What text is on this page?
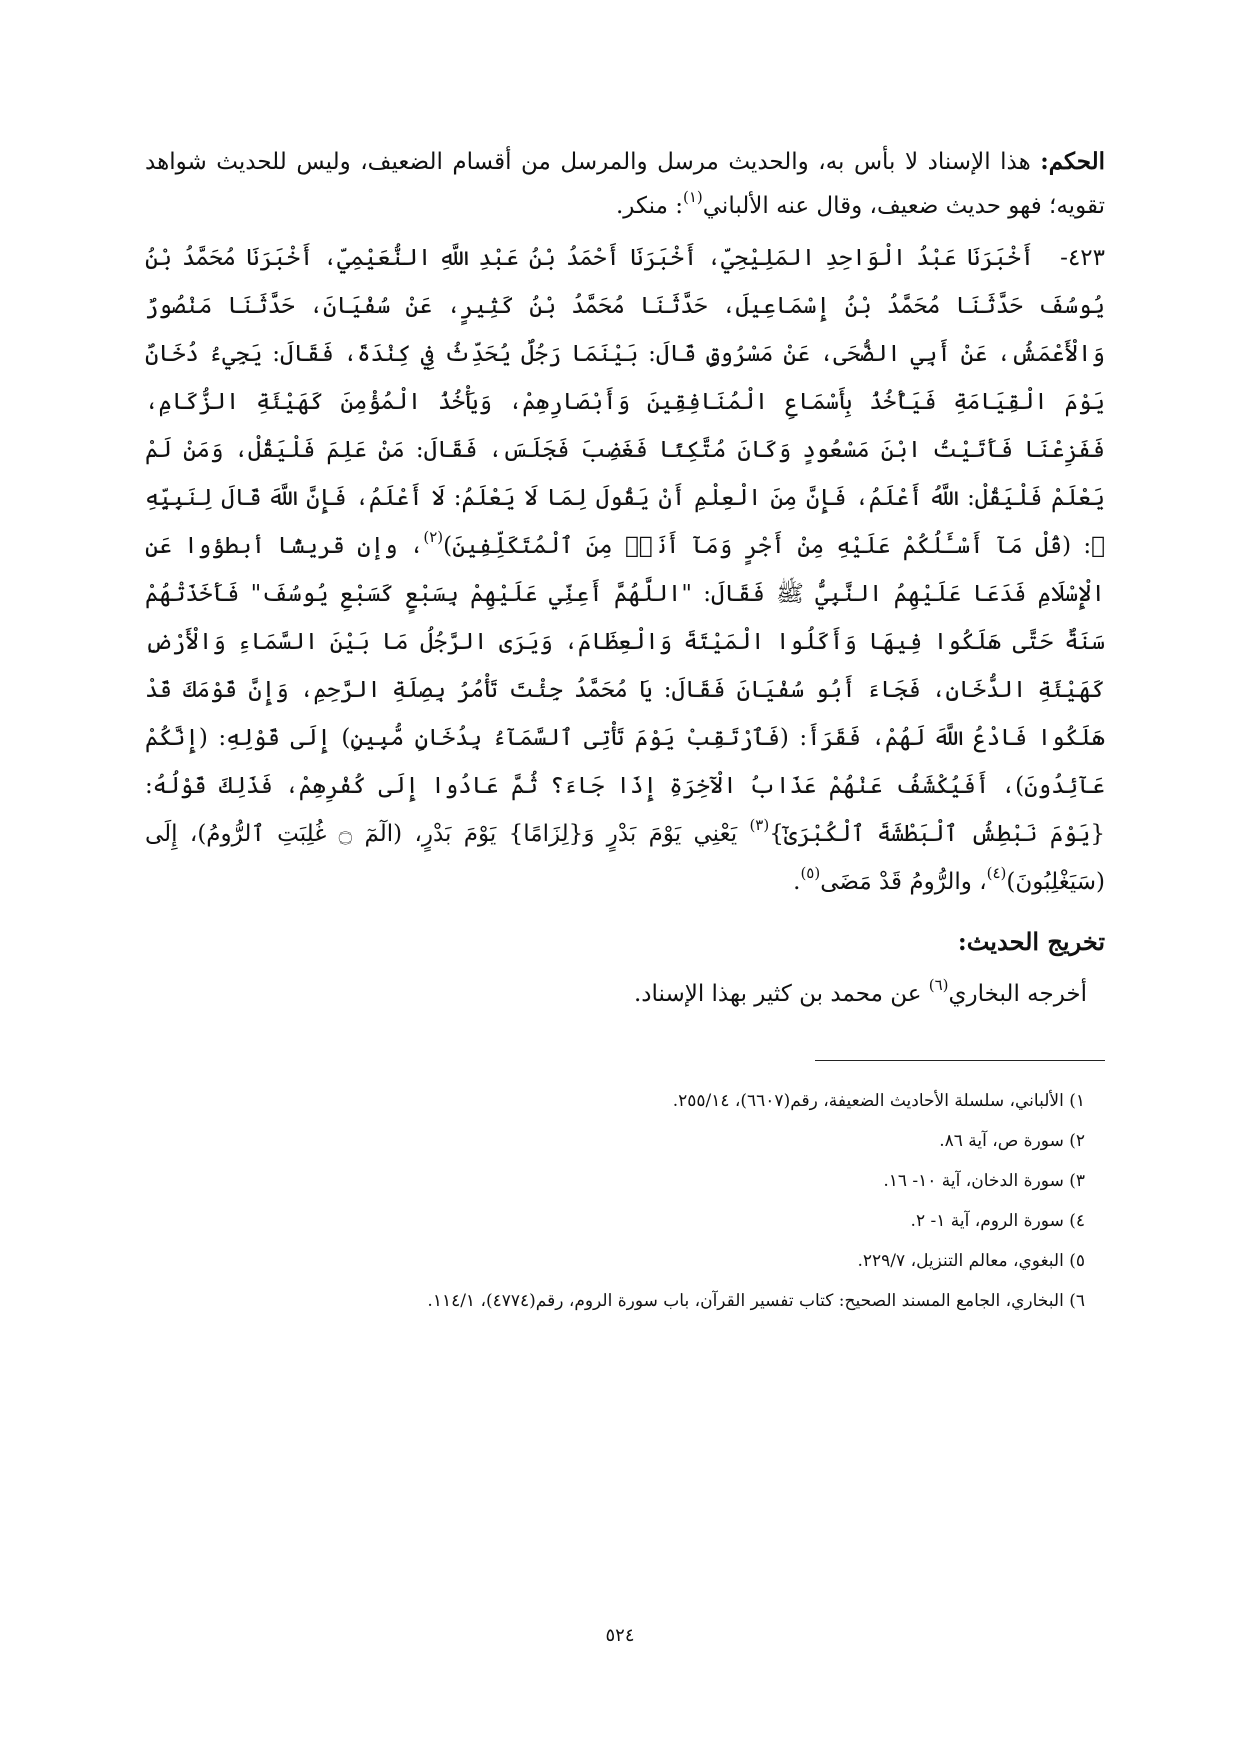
الحكم: هذا الإسناد لا بأس به، والحديث مرسل والمرسل من أقسام الضعيف، وليس للحديث شواهد تقويه؛ فهو حديث ضعيف، وقال عنه الألباني$^{(١)}$: منكر.

٤٢٣-أَخْبَرَنَا عَبْدُ الْوَاحِدِ المَلِيْحِيّ، أَخْبَرَنَا أَحْمَدُ بْنُ عَبْدِ اللَّهِ النُّعَيْمِيّ، أَخْبَرَنَا مُحَمَّدُ بْنُ يُوسُفَ حَدَّثَنَا مُحَمَّدُ بْنُ إِسْمَاعِيلَ، حَدَّثَنَا مُحَمَّدُ بْنُ كَثِيرٍ، عَنْ سُفْيَانَ، حَدَّثَنَا مَنْصُورٌ وَالْأَعْمَشُ، عَنْ أَبِي الضُّحَى، عَنْ مَسْرُوقٍ قَالَ: بَيْنَمَا رَجُلٌ يُحَدِّثُ فِي كِنْدَةَ، فَقَالَ: يَجِيءُ دُخَانٌ يَوْمَ الْقِيَامَةِ فَيَأْخُذُ بِأَسْمَاعِ الْمُنَافِقِينَ وَأَبْصَارِهِمْ، وَيَأْخُذُ الْمُؤْمِنَ كَهَيْئَةِ الزُّكَامِ، فَفَزِعْنَا فَأَتَيْتُ ابْنَ مَسْعُودٍ وَكَانَ مُتَّكِئًا فَغَضِبَ فَجَلَسَ، فَقَالَ: مَنْ عَلِمَ فَلْيَقُلْ، وَمَنْ لَمْ يَعْلَمْ فَلْيَقُلْ: اللَّهُ أَعْلَمُ، فَإِنَّ مِنَ الْعِلْمِ أَنْ يَقُولَ لِمَا لَا يَعْلَمُ: لَا أَعْلَمُ، فَإِنَّ اللَّهَ قَالَ لِنَبِيِّهِ ﷺ: (قُلْ مَآ أَسْـَٔلُكُمْ عَلَيْهِ مِنْ أَجْرٍ وَمَآ أَنَا۠ مِنَ ٱلْمُتَكَلِّفِينَ)$^{(٢)}$، وإن قريشًا أبطؤوا عَنِ الْإِسْلَامِ فَدَعَا عَلَيْهِمُ النَّبِيُّ ﷺ فَقَالَ: "اللَّهُمَّ أَعِنِّي عَلَيْهِمْ بِسَبْعٍ كَسَبْعِ يُوسُفَ" فَأَخَذَتْهُمْ سَنَةٌ حَتَّى هَلَكُوا فِيهَا وَأَكَلُوا الْمَيْتَةَ وَالْعِظَامَ، وَيَرَى الرَّجُلُ مَا بَيْنَ السَّمَاءِ وَالْأَرْضِ كَهَيْئَةِ الدُّخَانِ، فَجَاءَ أَبُو سُفْيَانَ فَقَالَ: يَا مُحَمَّدُ جِئْتَ تَأْمُرُ بِصِلَةِ الرَّحِمِ، وَإِنَّ قَوْمَكَ قَدْ هَلَكُوا فَادْعُ اللَّهَ لَهُمْ، فَقَرَأَ: (فَٱرْتَقِبْ يَوْمَ تَأْتِى ٱلسَّمَآءُ بِدُخَانٍ مُّبِينٍ) إِلَى قَوْلِهِ: (إِنَّكُمْ عَآئِدُونَ)، أَفَيُكْشَفُ عَنْهُمْ عَذَابُ الْآخِرَةِ إِذَا جَاءَ؟ ثُمَّ عَادُوا إِلَى كُفْرِهِمْ، فَذَلِكَ قَوْلُهُ: {يَوْمَ نَبْطِشُ ٱلْبَطْشَةَ ٱلْكُبْرَىٰٓ}$^{(٣)}$ يَعْنِي يَوْمَ بَدْرٍ وَ{لِزَامًا} يَوْمَ بَدْرٍ، (الٓمٓ ۝ غُلِبَتِ ٱلرُّومُ)، إِلَى (سَيَغْلِبُونَ)$^{(٤)}$، والرُّومُ قَدْ مَضَى$^{(٥)}$.

تخريج الحديث:

أخرجه البخاري$^{(٦)}$ عن محمد بن كثير بهذا الإسناد.

١) الألباني، سلسلة الأحاديث الضعيفة، رقم(٦٦٠٧)، ٢٥٥/١٤.
٢) سورة ص، آية ٨٦.
٣) سورة الدخان، آية ١٠- ١٦.
٤) سورة الروم، آية ١- ٢.
٥) البغوي، معالم التنزيل، ٢٢٩/٧.
٦) البخاري، الجامع المسند الصحيح: كتاب تفسير القرآن، باب سورة الروم، رقم(٤٧٧٤)، ١١٤/١.
٥٢٤
